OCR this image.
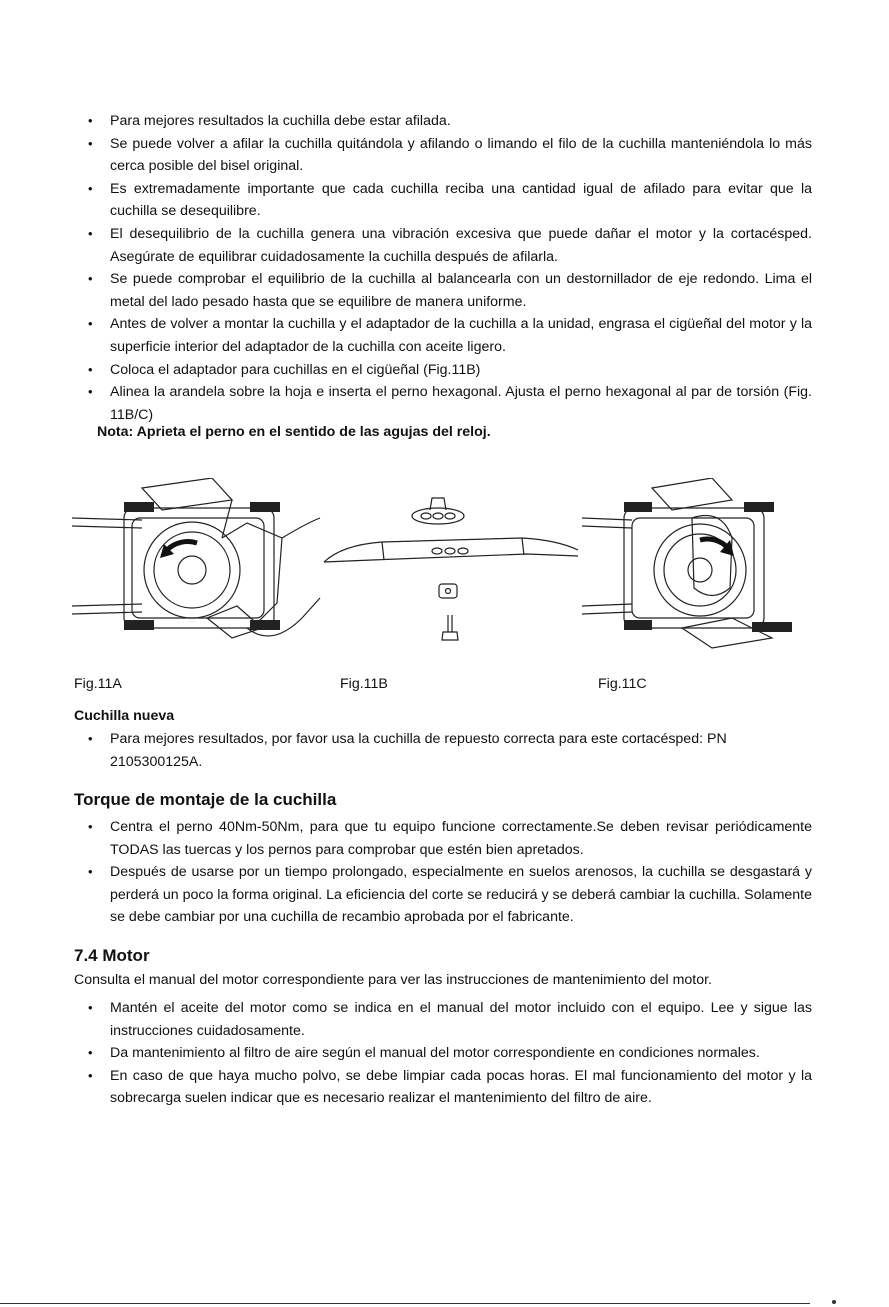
• Para mejores resultados la cuchilla debe estar afilada.
• Se puede volver a afilar la cuchilla quitándola y afilando o limando el filo de la cuchilla manteniéndola lo más cerca posible del bisel original.
• Es extremadamente importante que cada cuchilla reciba una cantidad igual de afilado para evitar que la cuchilla se desequilibre.
• El desequilibrio de la cuchilla genera una vibración excesiva que puede dañar el motor y la cortacésped. Asegúrate de equilibrar cuidadosamente la cuchilla después de afilarla.
• Se puede comprobar el equilibrio de la cuchilla al balancearla con un destornillador de eje redondo. Lima el metal del lado pesado hasta que se equilibre de manera uniforme.
• Antes de volver a montar la cuchilla y el adaptador de la cuchilla a la unidad, engrasa el cigüeñal del motor y la superficie interior del adaptador de la cuchilla con aceite ligero.
• Coloca el adaptador para cuchillas en el cigüeñal (Fig.11B)
• Alinea la arandela sobre la hoja e inserta el perno hexagonal. Ajusta el perno hexagonal al par de torsión (Fig. 11B/C)
Nota: Aprieta el perno en el sentido de las agujas del reloj.
Fig.11A	Fig.11B	Fig.11C
Cuchilla nueva
• Para mejores resultados, por favor usa la cuchilla de repuesto correcta para este cortacésped: PN 2105300125A.
Torque de montaje de la cuchilla
• Centra el perno 40Nm-50Nm, para que tu equipo funcione correctamente.Se deben revisar periódicamente TODAS las tuercas y los pernos para comprobar que estén bien apretados.
• Después de usarse por un tiempo prolongado, especialmente en suelos arenosos, la cuchilla se desgastará y perderá un poco la forma original. La eficiencia del corte se reducirá y se deberá cambiar la cuchilla. Solamente se debe cambiar por una cuchilla de recambio aprobada por el fabricante.
7.4 Motor
Consulta el manual del motor correspondiente para ver las instrucciones de mantenimiento del motor.
• Mantén el aceite del motor como se indica en el manual del motor incluido con el equipo. Lee y sigue las instrucciones cuidadosamente.
• Da mantenimiento al filtro de aire según el manual del motor correspondiente en condiciones normales.
• En caso de que haya mucho polvo, se debe limpiar cada pocas horas. El mal funcionamiento del motor y la sobrecarga suelen indicar que es necesario realizar el mantenimiento del filtro de aire.
